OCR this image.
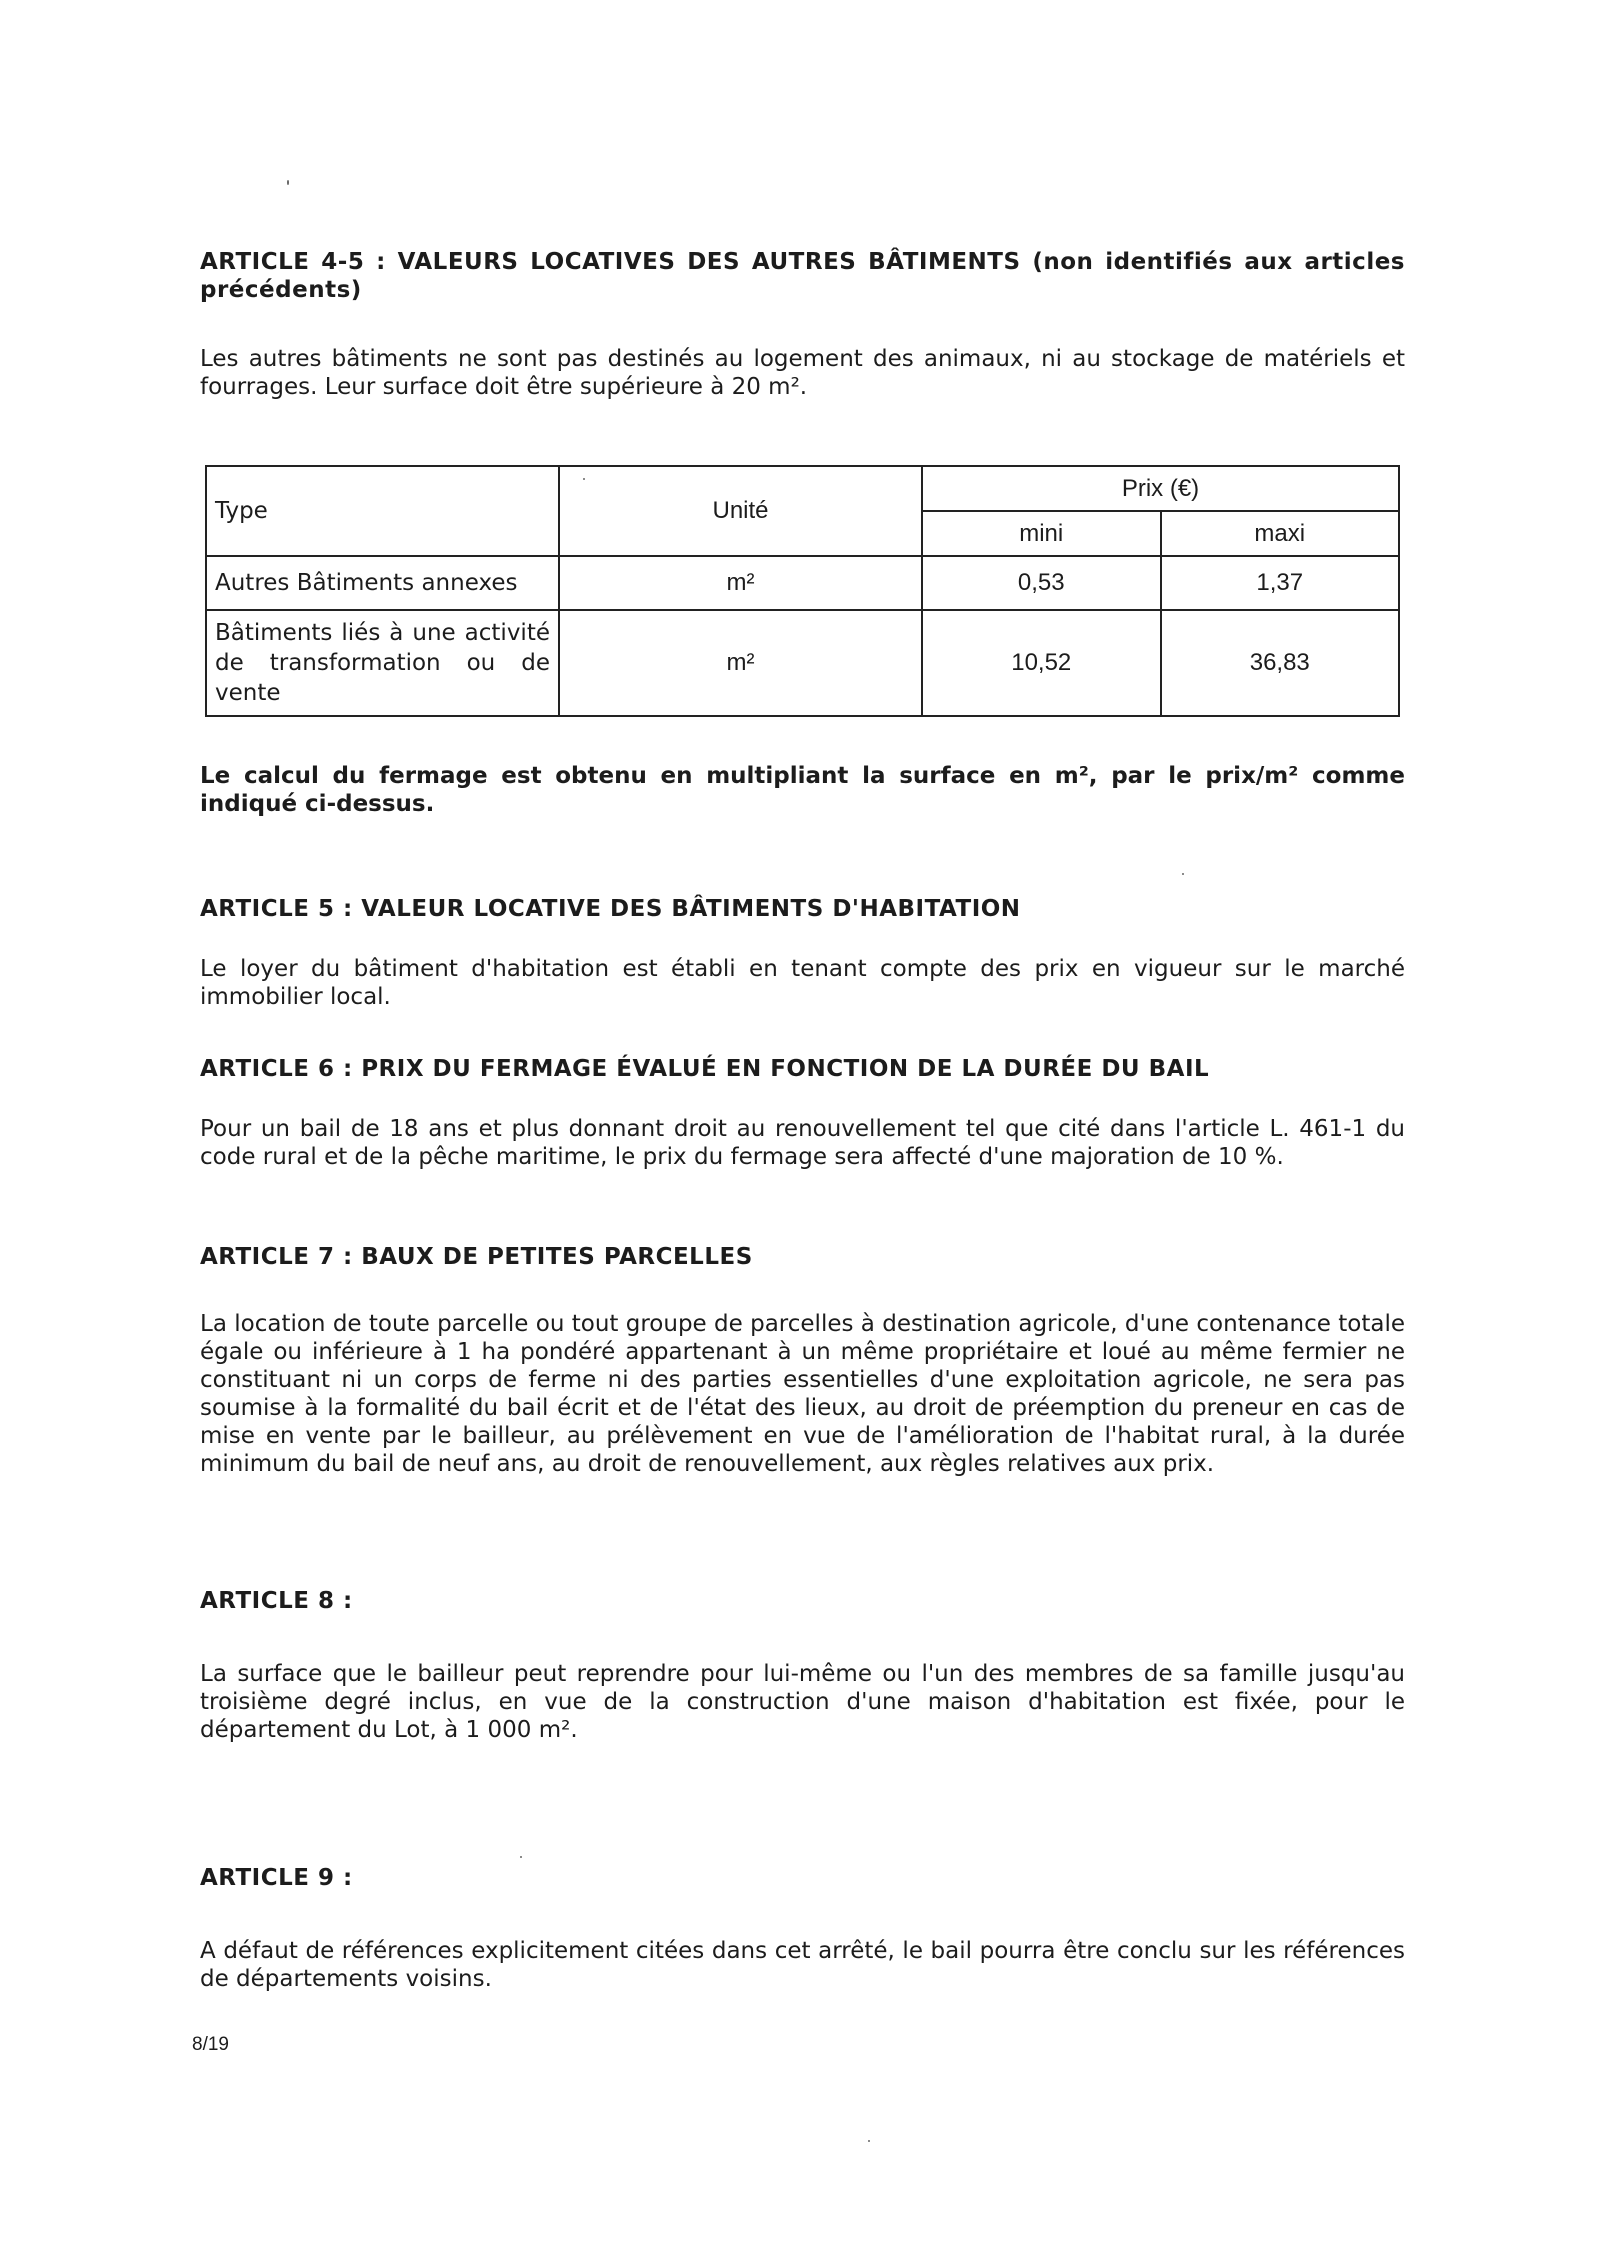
ARTICLE 4-5 : VALEURS LOCATIVES DES AUTRES BÂTIMENTS (non identifiés aux articles précédents)

Les autres bâtiments ne sont pas destinés au logement des animaux, ni au stockage de matériels et fourrages. Leur surface doit être supérieure à 20 m².

Type	Unité	Prix (€)	
		mini	maxi
Autres Bâtiments annexes	m²	0,53	1,37
Bâtiments liés à une activité de transformation ou de vente	m²	10,52	36,83

Le calcul du fermage est obtenu en multipliant la surface en m², par le prix/m² comme indiqué ci-dessus.

ARTICLE 5 : VALEUR LOCATIVE DES BÂTIMENTS D'HABITATION

Le loyer du bâtiment d'habitation est établi en tenant compte des prix en vigueur sur le marché immobilier local.

ARTICLE 6 : PRIX DU FERMAGE ÉVALUÉ EN FONCTION DE LA DURÉE DU BAIL

Pour un bail de 18 ans et plus donnant droit au renouvellement tel que cité dans l'article L. 461-1 du code rural et de la pêche maritime, le prix du fermage sera affecté d'une majoration de 10 %.

ARTICLE 7 : BAUX DE PETITES PARCELLES

La location de toute parcelle ou tout groupe de parcelles à destination agricole, d'une contenance totale égale ou inférieure à 1 ha pondéré appartenant à un même propriétaire et loué au même fermier ne constituant ni un corps de ferme ni des parties essentielles d'une exploitation agricole, ne sera pas soumise à la formalité du bail écrit et de l'état des lieux, au droit de préemption du preneur en cas de mise en vente par le bailleur, au prélèvement en vue de l'amélioration de l'habitat rural, à la durée minimum du bail de neuf ans, au droit de renouvellement, aux règles relatives aux prix.

ARTICLE 8 :

La surface que le bailleur peut reprendre pour lui-même ou l'un des membres de sa famille jusqu'au troisième degré inclus, en vue de la construction d'une maison d'habitation est fixée, pour le département du Lot, à 1 000 m².

ARTICLE 9 :

A défaut de références explicitement citées dans cet arrêté, le bail pourra être conclu sur les références de départements voisins.

8/19
